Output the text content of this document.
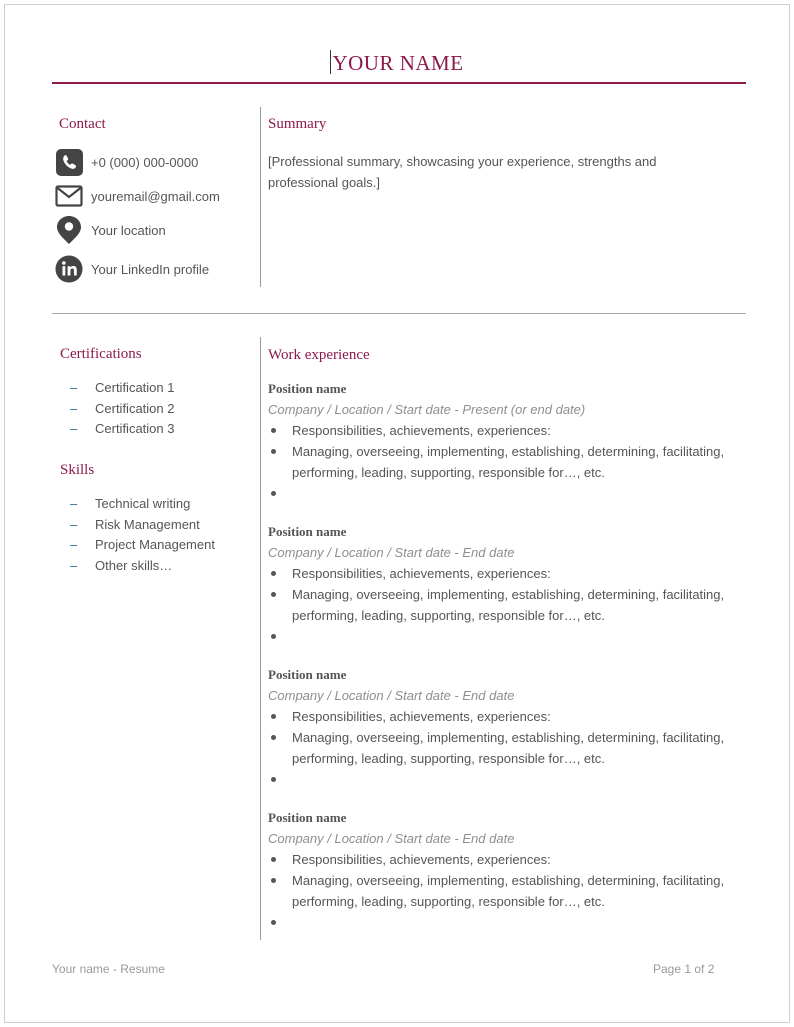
YOUR NAME
Contact
+0 (000) 000-0000
youremail@gmail.com
Your location
Your LinkedIn profile
Summary
[Professional summary, showcasing your experience, strengths and professional goals.]
Certifications
–	Certification 1
–	Certification 2
–	Certification 3
Skills
–	Technical writing
–	Risk Management
–	Project Management
–	Other skills…
Work experience
Position name
Company / Location / Start date - Present (or end date)
Responsibilities, achievements, experiences:
Managing, overseeing, implementing, establishing, determining, facilitating, performing, leading, supporting, responsible for…, etc.
Position name
Company / Location / Start date - End date
Responsibilities, achievements, experiences:
Managing, overseeing, implementing, establishing, determining, facilitating, performing, leading, supporting, responsible for…, etc.
Position name
Company / Location / Start date - End date
Responsibilities, achievements, experiences:
Managing, overseeing, implementing, establishing, determining, facilitating, performing, leading, supporting, responsible for…, etc.
Position name
Company / Location / Start date - End date
Responsibilities, achievements, experiences:
Managing, overseeing, implementing, establishing, determining, facilitating, performing, leading, supporting, responsible for…, etc.
Your name - Resume	Page 1 of 2
